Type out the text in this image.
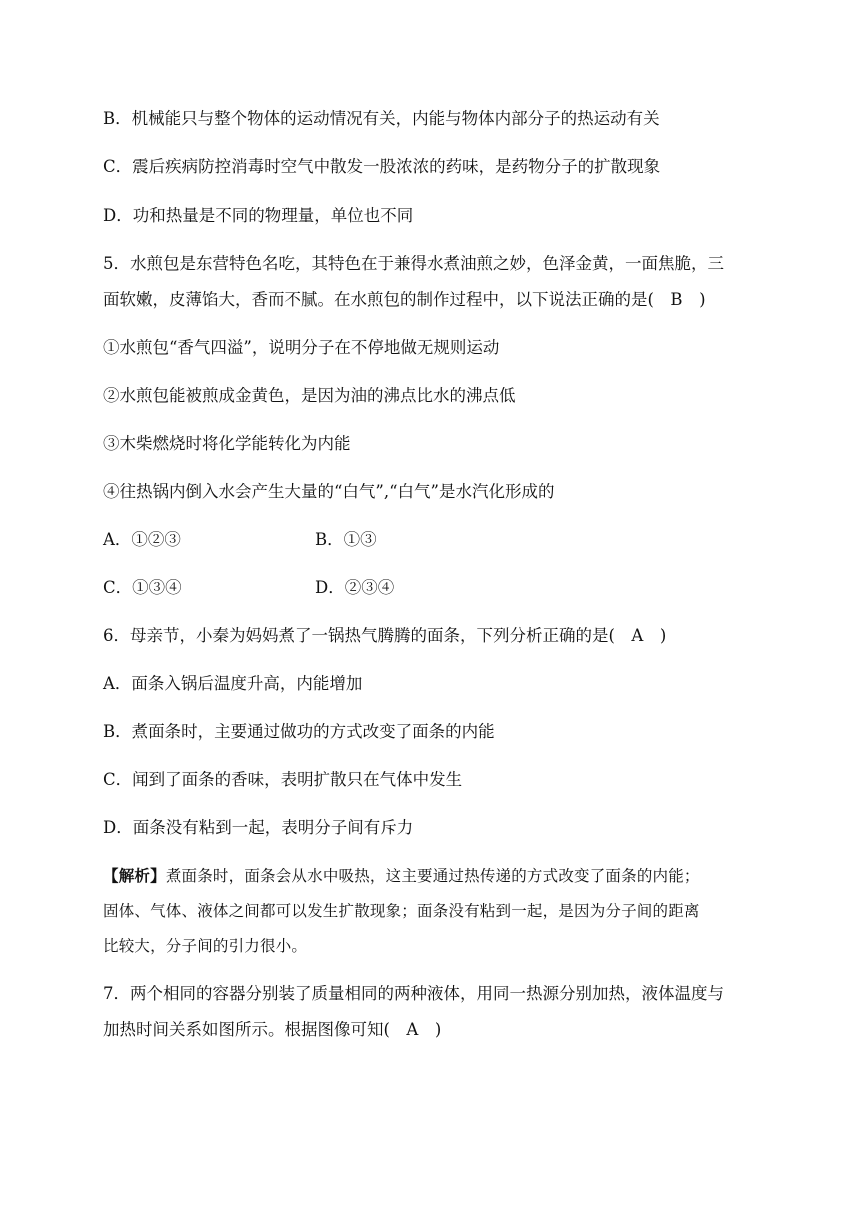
B．机械能只与整个物体的运动情况有关，内能与物体内部分子的热运动有关
C．震后疾病防控消毒时空气中散发一股浓浓的药味，是药物分子的扩散现象
D．功和热量是不同的物理量，单位也不同
5．水煎包是东营特色名吃，其特色在于兼得水煮油煎之妙，色泽金黄，一面焦脆，三
面软嫩，皮薄馅大，香而不腻。在水煎包的制作过程中，以下说法正确的是(　B　)
①水煎包“香气四溢”，说明分子在不停地做无规则运动
②水煎包能被煎成金黄色，是因为油的沸点比水的沸点低
③木柴燃烧时将化学能转化为内能
④往热锅内倒入水会产生大量的“白气”,“白气”是水汽化形成的
A．①②③	B．①③
C．①③④	D．②③④
6．母亲节，小秦为妈妈煮了一锅热气腾腾的面条，下列分析正确的是(　A　)
A．面条入锅后温度升高，内能增加
B．煮面条时，主要通过做功的方式改变了面条的内能
C．闻到了面条的香味，表明扩散只在气体中发生
D．面条没有粘到一起，表明分子间有斥力
【解析】煮面条时，面条会从水中吸热，这主要通过热传递的方式改变了面条的内能；
固体、气体、液体之间都可以发生扩散现象；面条没有粘到一起，是因为分子间的距离
比较大，分子间的引力很小。
7．两个相同的容器分别装了质量相同的两种液体，用同一热源分别加热，液体温度与
加热时间关系如图所示。根据图像可知(　A　)
